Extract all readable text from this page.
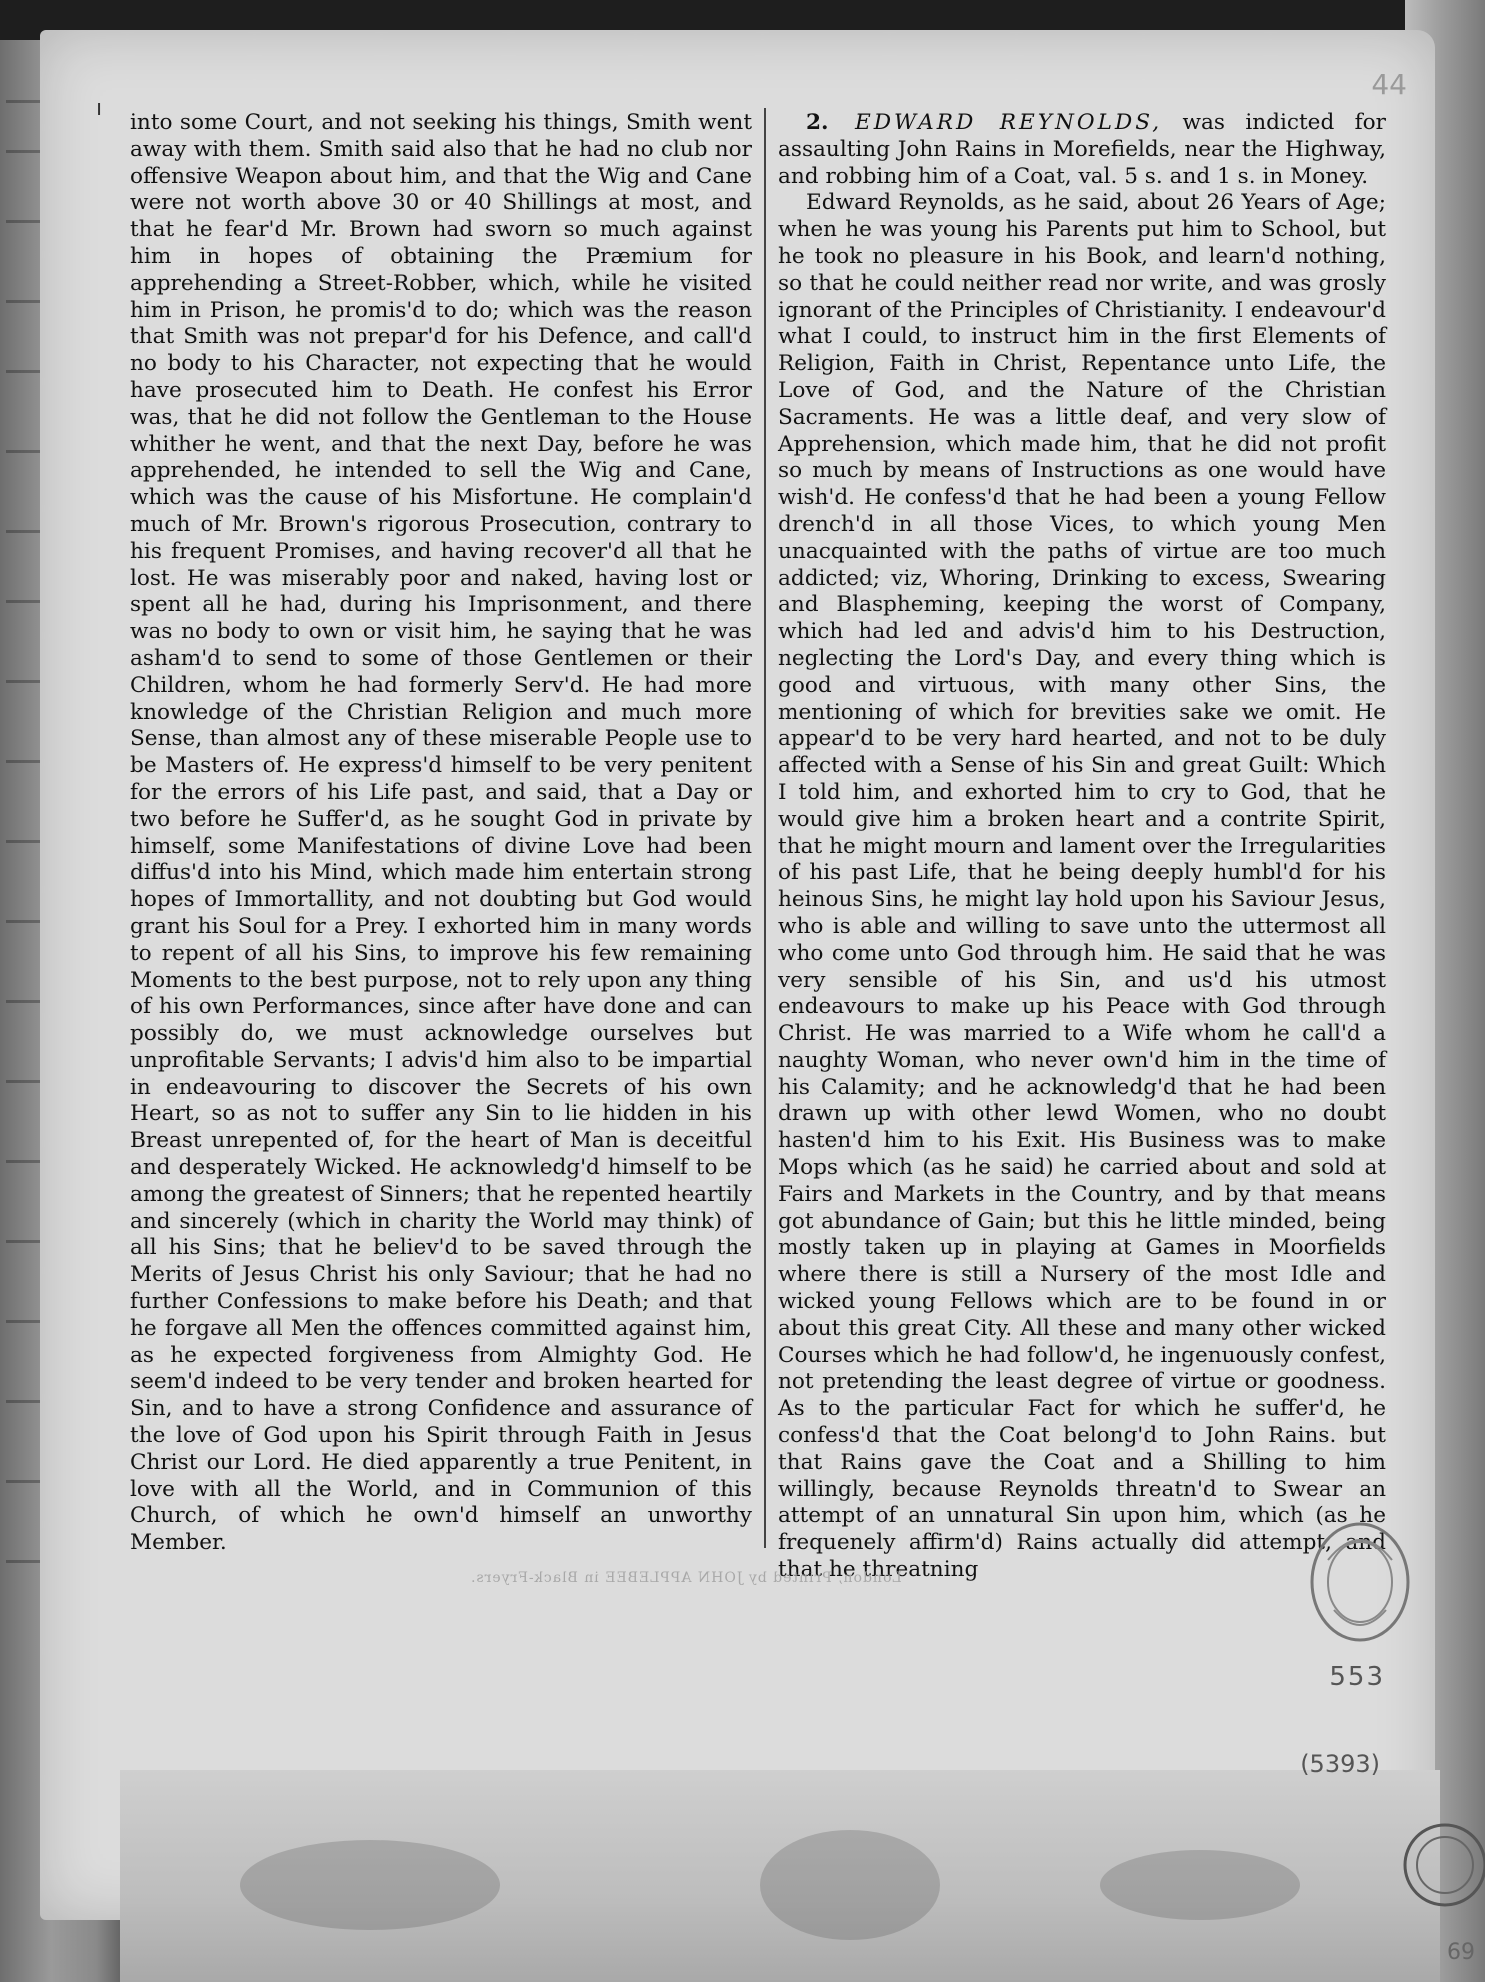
ı
44

into some Court, and not seeking his things, Smith went away with them. Smith said also that he had no club nor offensive Weapon about him, and that the Wig and Cane were not worth above 30 or 40 Shillings at most, and that he fear'd Mr. Brown had sworn so much against him in hopes of obtaining the Præmium for apprehending a Street-Robber, which, while he visited him in Prison, he promis'd to do; which was the reason that Smith was not prepar'd for his Defence, and call'd no body to his Character, not expecting that he would have prosecuted him to Death. He confest his Error was, that he did not follow the Gentleman to the House whither he went, and that the next Day, before he was apprehended, he intended to sell the Wig and Cane, which was the cause of his Misfortune. He complain'd much of Mr. Brown's rigorous Prosecution, contrary to his frequent Promises, and having recover'd all that he lost. He was miserably poor and naked, having lost or spent all he had, during his Imprisonment, and there was no body to own or visit him, he saying that he was asham'd to send to some of those Gentlemen or their Children, whom he had formerly Serv'd. He had more knowledge of the Christian Religion and much more Sense, than almost any of these miserable People use to be Masters of. He express'd himself to be very penitent for the errors of his Life past, and said, that a Day or two before he Suffer'd, as he sought God in private by himself, some Manifestations of divine Love had been diffus'd into his Mind, which made him entertain strong hopes of Immortallity, and not doubting but God would grant his Soul for a Prey. I exhorted him in many words to repent of all his Sins, to improve his few remaining Moments to the best purpose, not to rely upon any thing of his own Performances, since after have done and can possibly do, we must acknowledge ourselves but unprofitable Servants; I advis'd him also to be impartial in endeavouring to discover the Secrets of his own Heart, so as not to suffer any Sin to lie hidden in his Breast unrepented of, for the heart of Man is deceitful and desperately Wicked. He acknowledg'd himself to be among the greatest of Sinners; that he repented heartily and sincerely (which in charity the World may think) of all his Sins; that he believ'd to be saved through the Merits of Jesus Christ his only Saviour; that he had no further Confessions to make before his Death; and that he forgave all Men the offences committed against him, as he expected forgiveness from Almighty God. He seem'd indeed to be very tender and broken hearted for Sin, and to have a strong Confidence and assurance of the love of God upon his Spirit through Faith in Jesus Christ our Lord. He died apparently a true Penitent, in love with all the World, and in Communion of this Church, of which he own'd himself an unworthy Member.

2. EDWARD REYNOLDS, was indicted for assaulting John Rains in Morefields, near the Highway, and robbing him of a Coat, val. 5 s. and 1 s. in Money.

Edward Reynolds, as he said, about 26 Years of Age; when he was young his Parents put him to School, but he took no pleasure in his Book, and learn'd nothing, so that he could neither read nor write, and was grosly ignorant of the Principles of Christianity. I endeavour'd what I could, to instruct him in the first Elements of Religion, Faith in Christ, Repentance unto Life, the Love of God, and the Nature of the Christian Sacraments. He was a little deaf, and very slow of Apprehension, which made him, that he did not profit so much by means of Instructions as one would have wish'd. He confess'd that he had been a young Fellow drench'd in all those Vices, to which young Men unacquainted with the paths of virtue are too much addicted; viz, Whoring, Drinking to excess, Swearing and Blaspheming, keeping the worst of Company, which had led and advis'd him to his Destruction, neglecting the Lord's Day, and every thing which is good and virtuous, with many other Sins, the mentioning of which for brevities sake we omit. He appear'd to be very hard hearted, and not to be duly affected with a Sense of his Sin and great Guilt: Which I told him, and exhorted him to cry to God, that he would give him a broken heart and a contrite Spirit, that he might mourn and lament over the Irregularities of his past Life, that he being deeply humbl'd for his heinous Sins, he might lay hold upon his Saviour Jesus, who is able and willing to save unto the uttermost all who come unto God through him. He said that he was very sensible of his Sin, and us'd his utmost endeavours to make up his Peace with God through Christ. He was married to a Wife whom he call'd a naughty Woman, who never own'd him in the time of his Calamity; and he acknowledg'd that he had been drawn up with other lewd Women, who no doubt hasten'd him to his Exit. His Business was to make Mops which (as he said) he carried about and sold at Fairs and Markets in the Country, and by that means got abundance of Gain; but this he little minded, being mostly taken up in playing at Games in Moorfields where there is still a Nursery of the most Idle and wicked young Fellows which are to be found in or about this great City. All these and many other wicked Courses which he had follow'd, he ingenuously confest, not pretending the least degree of virtue or goodness. As to the particular Fact for which he suffer'd, he confess'd that the Coat belong'd to John Rains. but that Rains gave the Coat and a Shilling to him willingly, because Reynolds threatn'd to Swear an attempt of an unnatural Sin upon him, which (as he frequenely affirm'd) Rains actually did attempt, and that he threatning

London, Printed by JOHN APPLEBEE in Black-Fryers.
553
(5393)
69
